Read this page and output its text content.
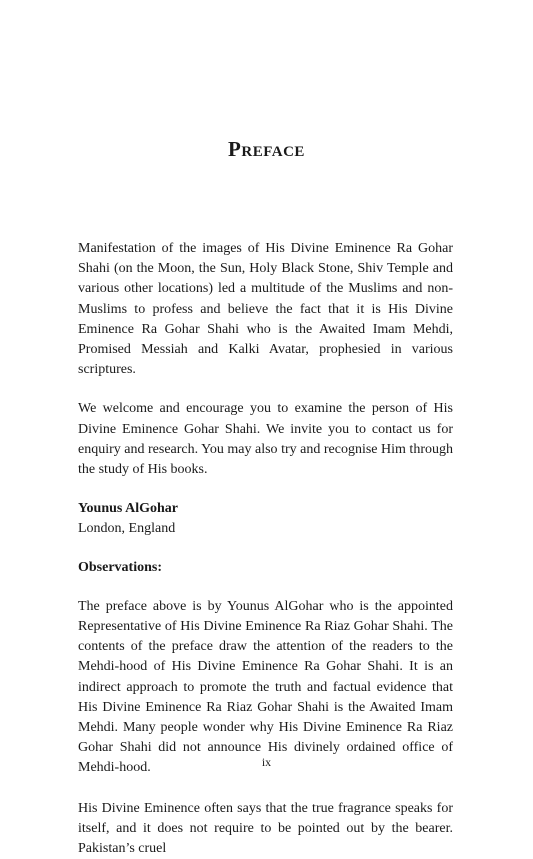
Preface

Manifestation of the images of His Divine Eminence Ra Gohar Shahi (on the Moon, the Sun, Holy Black Stone, Shiv Temple and various other locations) led a multitude of the Muslims and non-Muslims to profess and believe the fact that it is His Divine Eminence Ra Gohar Shahi who is the Awaited Imam Mehdi, Promised Messiah and Kalki Avatar, prophesied in various scriptures.

We welcome and encourage you to examine the person of His Divine Eminence Gohar Shahi. We invite you to contact us for enquiry and research. You may also try and recognise Him through the study of His books.

Younus AlGohar
London, England

Observations:

The preface above is by Younus AlGohar who is the appointed Representative of His Divine Eminence Ra Riaz Gohar Shahi. The contents of the preface draw the attention of the readers to the Mehdi-hood of His Divine Eminence Ra Gohar Shahi. It is an indirect approach to promote the truth and factual evidence that His Divine Eminence Ra Riaz Gohar Shahi is the Awaited Imam Mehdi. Many people wonder why His Divine Eminence Ra Riaz Gohar Shahi did not announce His divinely ordained office of Mehdi-hood.

His Divine Eminence often says that the true fragrance speaks for itself, and it does not require to be pointed out by the bearer. Pakistan’s cruel

ix
